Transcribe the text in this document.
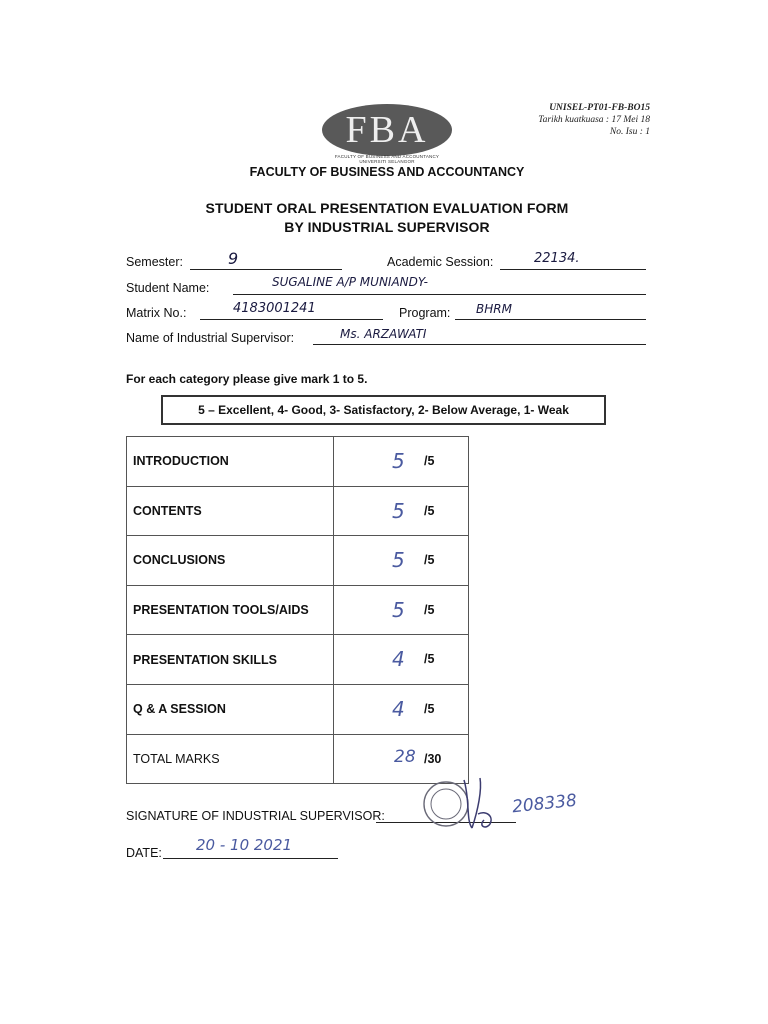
UNISEL-PT01-FB-BO15
Tarikh kuatkuasa : 17 Mei 18
No. Isu : 1
FBA
FACULTY OF BUSINESS AND ACCOUNTANCY
UNIVERSITI SELANGOR
FACULTY OF BUSINESS AND ACCOUNTANCY
STUDENT ORAL PRESENTATION EVALUATION FORM
BY INDUSTRIAL SUPERVISOR
Semester:	9	Academic Session:	22134.
Student Name:	SUGALINE A/P MUNIANDY-
Matrix No.:	4183001241	Program: BHRM
Name of Industrial Supervisor:	Ms. ARZAWATI
For each category please give mark 1 to 5.
5 – Excellent, 4- Good, 3- Satisfactory, 2- Below Average, 1- Weak
INTRODUCTION	5 /5

CONTENTS	5 /5

CONCLUSIONS	5 /5

PRESENTATION TOOLS/AIDS	5 /5

PRESENTATION SKILLS	4 /5

Q & A SESSION	4 /5

TOTAL MARKS	28 /30
SIGNATURE OF INDUSTRIAL SUPERVISOR:	208338
DATE: 20 - 10 2021
